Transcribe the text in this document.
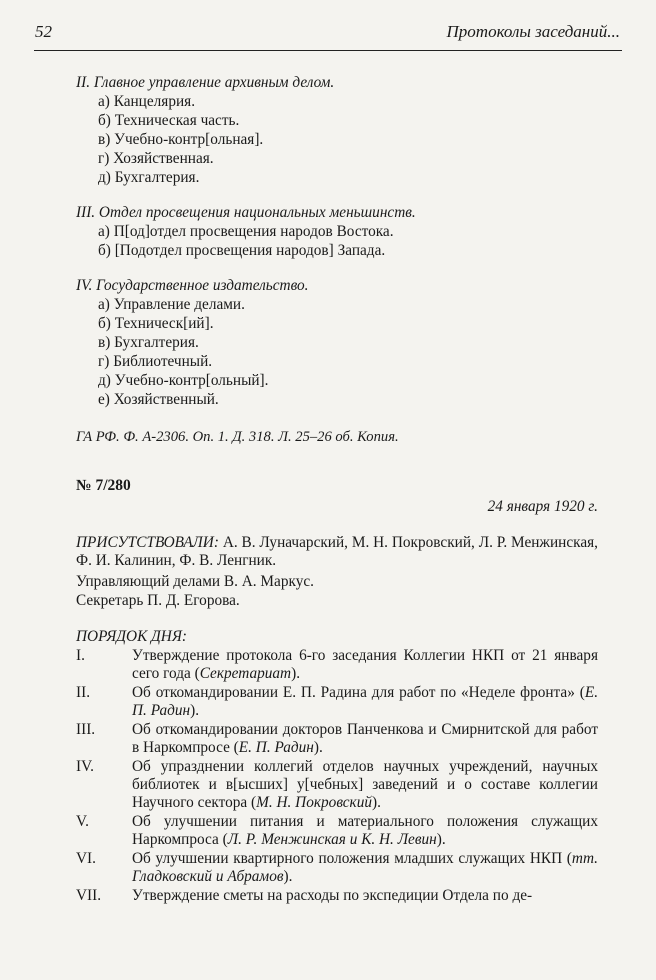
52	Протоколы заседаний...
II. Главное управление архивным делом.
а) Канцелярия.
б) Техническая часть.
в) Учебно-контр[ольная].
г) Хозяйственная.
д) Бухгалтерия.
III. Отдел просвещения национальных меньшинств.
а) П[од]отдел просвещения народов Востока.
б) [Подотдел просвещения народов] Запада.
IV. Государственное издательство.
а) Управление делами.
б) Техническ[ий].
в) Бухгалтерия.
г) Библиотечный.
д) Учебно-контр[ольный].
е) Хозяйственный.
ГА РФ. Ф. А-2306. Оп. 1. Д. 318. Л. 25–26 об. Копия.
№ 7/280
24 января 1920 г.
ПРИСУТСТВОВАЛИ: А. В. Луначарский, М. Н. Покровский, Л. Р. Менжинская, Ф. И. Калинин, Ф. В. Ленгник.
Управляющий делами В. А. Маркус.
Секретарь П. Д. Егорова.
ПОРЯДОК ДНЯ:
I.	Утверждение протокола 6-го заседания Коллегии НКП от 21 января сего года (Секретариат).
II.	Об откомандировании Е. П. Радина для работ по «Неделе фронта» (Е. П. Радин).
III. Об откомандировании докторов Панченкова и Смирнитской для работ в Наркомпросе (Е. П. Радин).
IV. Об упразднении коллегий отделов научных учреждений, научных библиотек и в[ысших] у[чебных] заведений и о составе коллегии Научного сектора (М. Н. Покровский).
V.	Об улучшении питания и материального положения служащих Наркомпроса (Л. Р. Менжинская и К. Н. Левин).
VI. Об улучшении квартирного положения младших служащих НКП (тт. Гладковский и Абрамов).
VII. Утверждение сметы на расходы по экспедиции Отдела по де-
